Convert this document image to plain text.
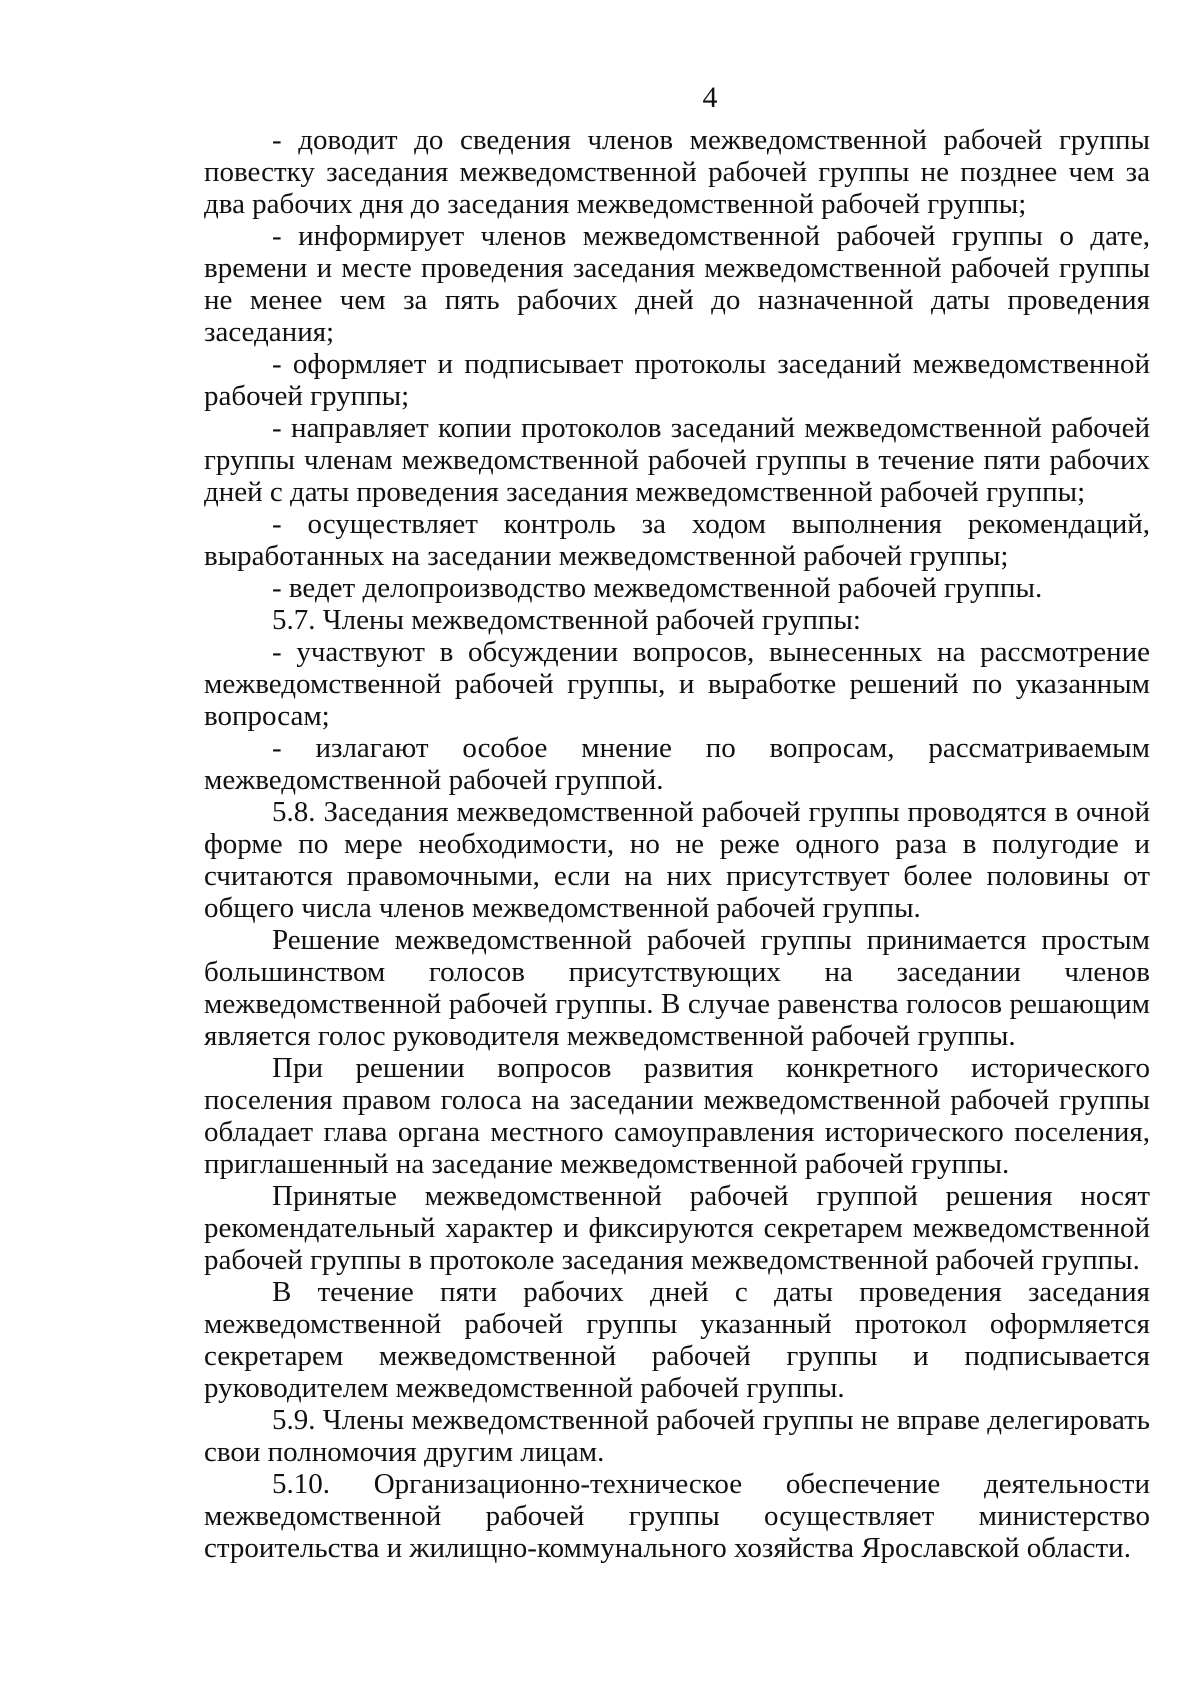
4

- доводит до сведения членов межведомственной рабочей группы повестку заседания межведомственной рабочей группы не позднее чем за два рабочих дня до заседания межведомственной рабочей группы;

- информирует членов межведомственной рабочей группы о дате, времени и месте проведения заседания межведомственной рабочей группы не менее чем за пять рабочих дней до назначенной даты проведения заседания;

- оформляет и подписывает протоколы заседаний межведомственной рабочей группы;

- направляет копии протоколов заседаний межведомственной рабочей группы членам межведомственной рабочей группы в течение пяти рабочих дней с даты проведения заседания межведомственной рабочей группы;

- осуществляет контроль за ходом выполнения рекомендаций, выработанных на заседании межведомственной рабочей группы;

- ведет делопроизводство межведомственной рабочей группы.

5.7. Члены межведомственной рабочей группы:

- участвуют в обсуждении вопросов, вынесенных на рассмотрение межведомственной рабочей группы, и выработке решений по указанным вопросам;

- излагают особое мнение по вопросам, рассматриваемым межведомственной рабочей группой.

5.8. Заседания межведомственной рабочей группы проводятся в очной форме по мере необходимости, но не реже одного раза в полугодие и считаются правомочными, если на них присутствует более половины от общего числа членов межведомственной рабочей группы.

Решение межведомственной рабочей группы принимается простым большинством голосов присутствующих на заседании членов межведомственной рабочей группы. В случае равенства голосов решающим является голос руководителя межведомственной рабочей группы.

При решении вопросов развития конкретного исторического поселения правом голоса на заседании межведомственной рабочей группы обладает глава органа местного самоуправления исторического поселения, приглашенный на заседание межведомственной рабочей группы.

Принятые межведомственной рабочей группой решения носят рекомендательный характер и фиксируются секретарем межведомственной рабочей группы в протоколе заседания межведомственной рабочей группы.

В течение пяти рабочих дней с даты проведения заседания межведомственной рабочей группы указанный протокол оформляется секретарем межведомственной рабочей группы и подписывается руководителем межведомственной рабочей группы.

5.9. Члены межведомственной рабочей группы не вправе делегировать свои полномочия другим лицам.

5.10. Организационно-техническое обеспечение деятельности межведомственной рабочей группы осуществляет министерство строительства и жилищно-коммунального хозяйства Ярославской области.
